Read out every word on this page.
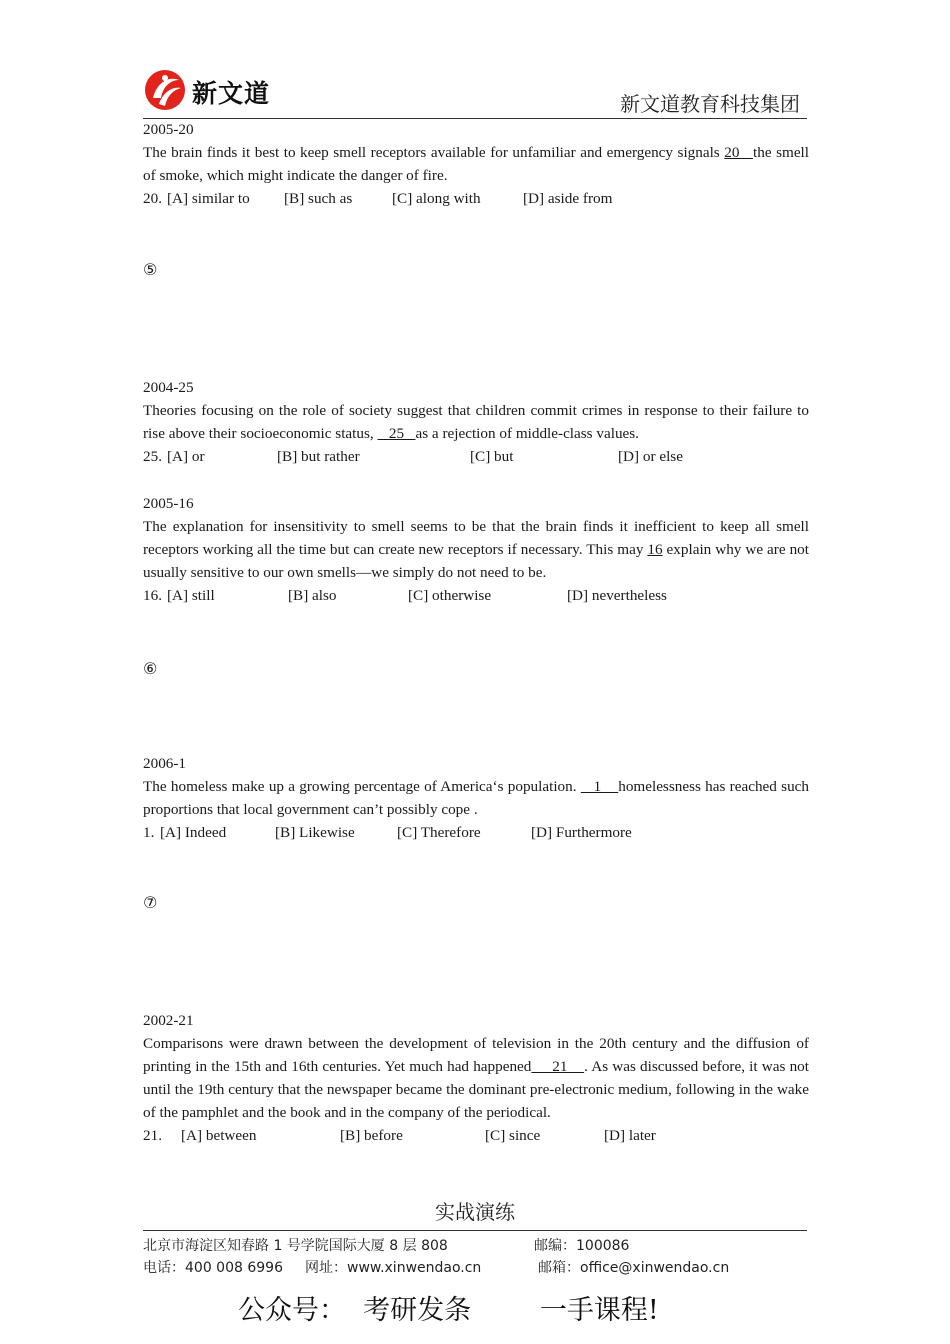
新文道	新文道教育科技集团
2005-20

The brain finds it best to keep smell receptors available for unfamiliar and emergency signals 20   the smell of smoke, which might indicate the danger of fire.

20. [A] similar to [B] such as	[C] along with	[D] aside from
⑤
2004-25

Theories focusing on the role of society suggest that children commit crimes in response to their failure to rise above their socioeconomic status,    25   as a rejection of middle-class values.

25. [A] or	[B] but rather	[C] but	[D] or else
2005-16

The explanation for insensitivity to smell seems to be that the brain finds it inefficient to keep all smell receptors working all the time but can create new receptors if necessary. This may 16 explain why we are not usually sensitive to our own smells—we simply do not need to be.

16. [A] still	[B] also	[C] otherwise	[D] nevertheless
⑥
2006-1

The homeless make up a growing percentage of America‘s population.    1    homelessness has reached such proportions that local government can’t possibly cope .

1. [A] Indeed	[B] Likewise	[C] Therefore	[D] Furthermore
⑦
2002-21

Comparisons were drawn between the development of television in the 20th century and the diffusion of printing in the 15th and 16th centuries. Yet much had happened     21    . As was discussed before, it was not until the 19th century that the newspaper became the dominant pre-electronic medium, following in the wake of the pamphlet and the book and in the company of the periodical.

21. [A] between	[B] before	[C] since	[D] later
实战演练
北京市海淀区知春路 1 号学院国际大厦 8 层 808	邮编：100086
电话：400 008 6996 网址：www.xinwendao.cn	邮箱：office@xinwendao.cn
公众号：  考研发条        一手课程!
